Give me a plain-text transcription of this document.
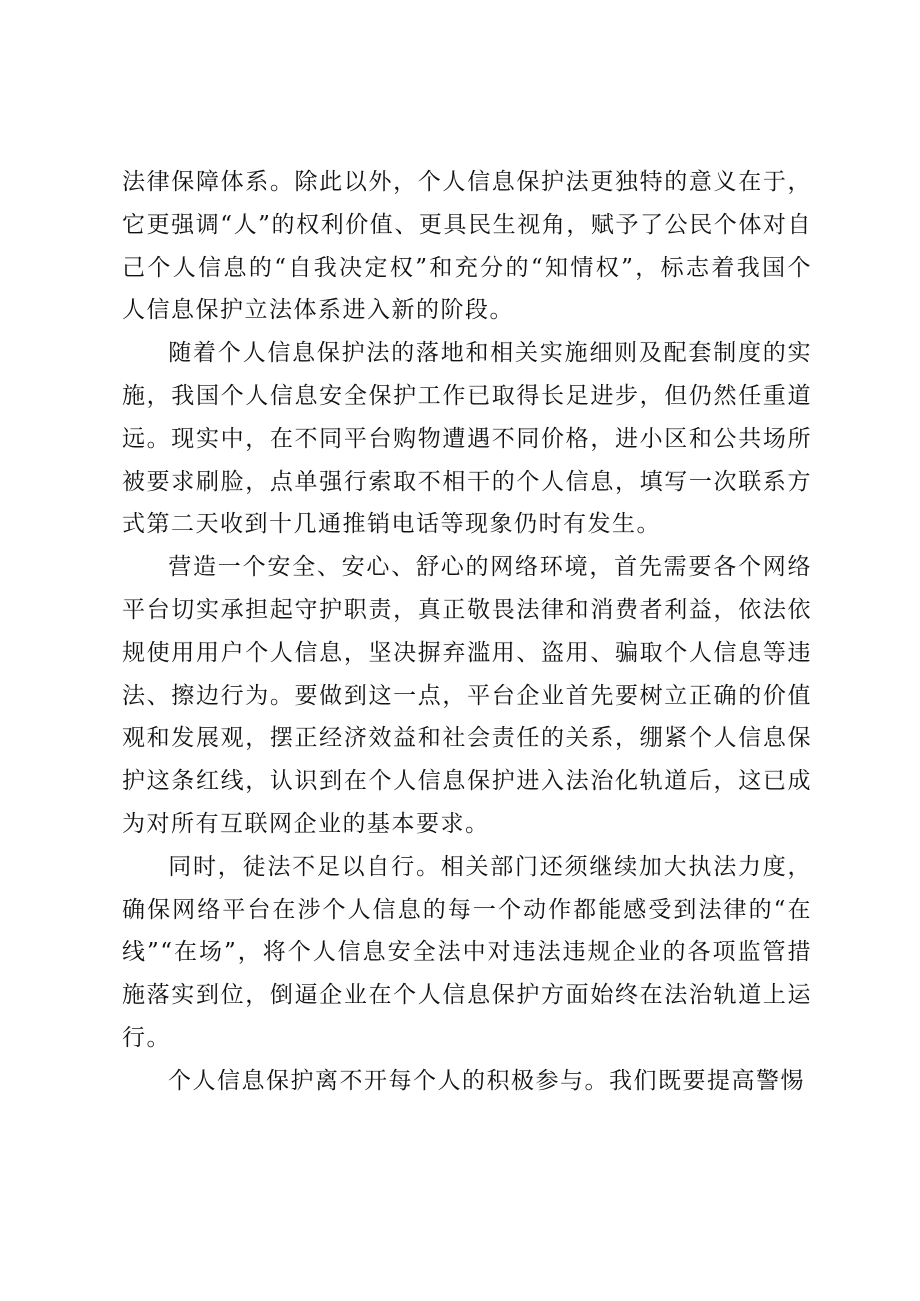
法律保障体系。除此以外，个人信息保护法更独特的意义在于，它更强调“人”的权利价值、更具民生视角，赋予了公民个体对自己个人信息的“自我决定权”和充分的“知情权”，标志着我国个人信息保护立法体系进入新的阶段。

随着个人信息保护法的落地和相关实施细则及配套制度的实施，我国个人信息安全保护工作已取得长足进步，但仍然任重道远。现实中，在不同平台购物遭遇不同价格，进小区和公共场所被要求刷脸，点单强行索取不相干的个人信息，填写一次联系方式第二天收到十几通推销电话等现象仍时有发生。

营造一个安全、安心、舒心的网络环境，首先需要各个网络平台切实承担起守护职责，真正敬畏法律和消费者利益，依法依规使用用户个人信息，坚决摒弃滥用、盗用、骗取个人信息等违法、擦边行为。要做到这一点，平台企业首先要树立正确的价值观和发展观，摆正经济效益和社会责任的关系，绷紧个人信息保护这条红线，认识到在个人信息保护进入法治化轨道后，这已成为对所有互联网企业的基本要求。

同时，徒法不足以自行。相关部门还须继续加大执法力度，确保网络平台在涉个人信息的每一个动作都能感受到法律的“在线”“在场”，将个人信息安全法中对违法违规企业的各项监管措施落实到位，倒逼企业在个人信息保护方面始终在法治轨道上运行。

个人信息保护离不开每个人的积极参与。我们既要提高警惕
